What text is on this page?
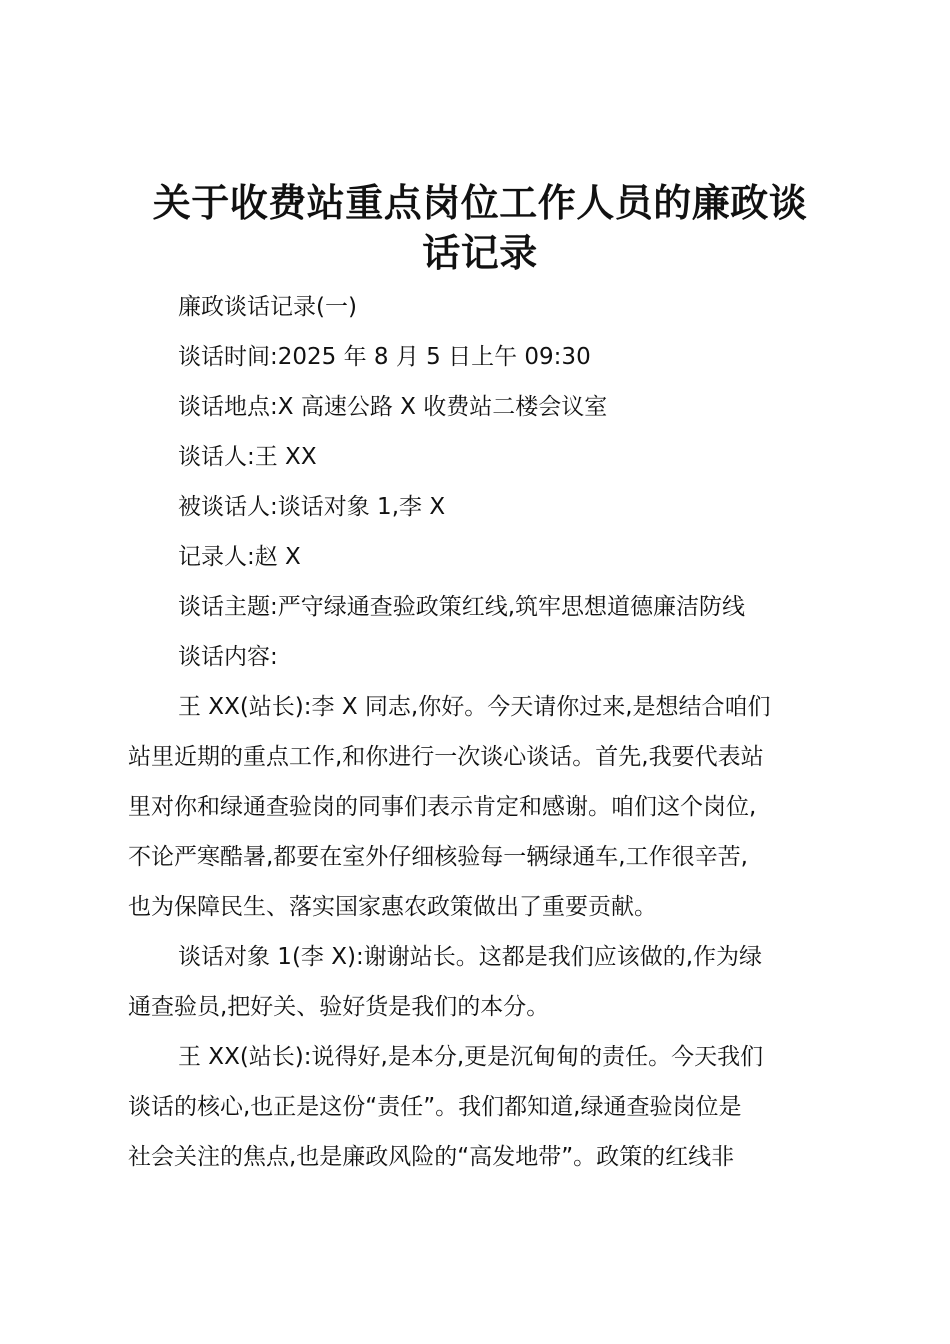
关于收费站重点岗位工作人员的廉政谈
话记录
廉政谈话记录(一)
谈话时间:2025 年 8 月 5 日上午 09:30
谈话地点:X 高速公路 X 收费站二楼会议室
谈话人:王 XX
被谈话人:谈话对象 1,李 X
记录人:赵 X
谈话主题:严守绿通查验政策红线,筑牢思想道德廉洁防线
谈话内容:
王 XX(站长):李 X 同志,你好。今天请你过来,是想结合咱们
站里近期的重点工作,和你进行一次谈心谈话。首先,我要代表站
里对你和绿通查验岗的同事们表示肯定和感谢。咱们这个岗位,
不论严寒酷暑,都要在室外仔细核验每一辆绿通车,工作很辛苦,
也为保障民生、落实国家惠农政策做出了重要贡献。
谈话对象 1(李 X):谢谢站长。这都是我们应该做的,作为绿
通查验员,把好关、验好货是我们的本分。
王 XX(站长):说得好,是本分,更是沉甸甸的责任。今天我们
谈话的核心,也正是这份“责任”。我们都知道,绿通查验岗位是
社会关注的焦点,也是廉政风险的“高发地带”。政策的红线非
